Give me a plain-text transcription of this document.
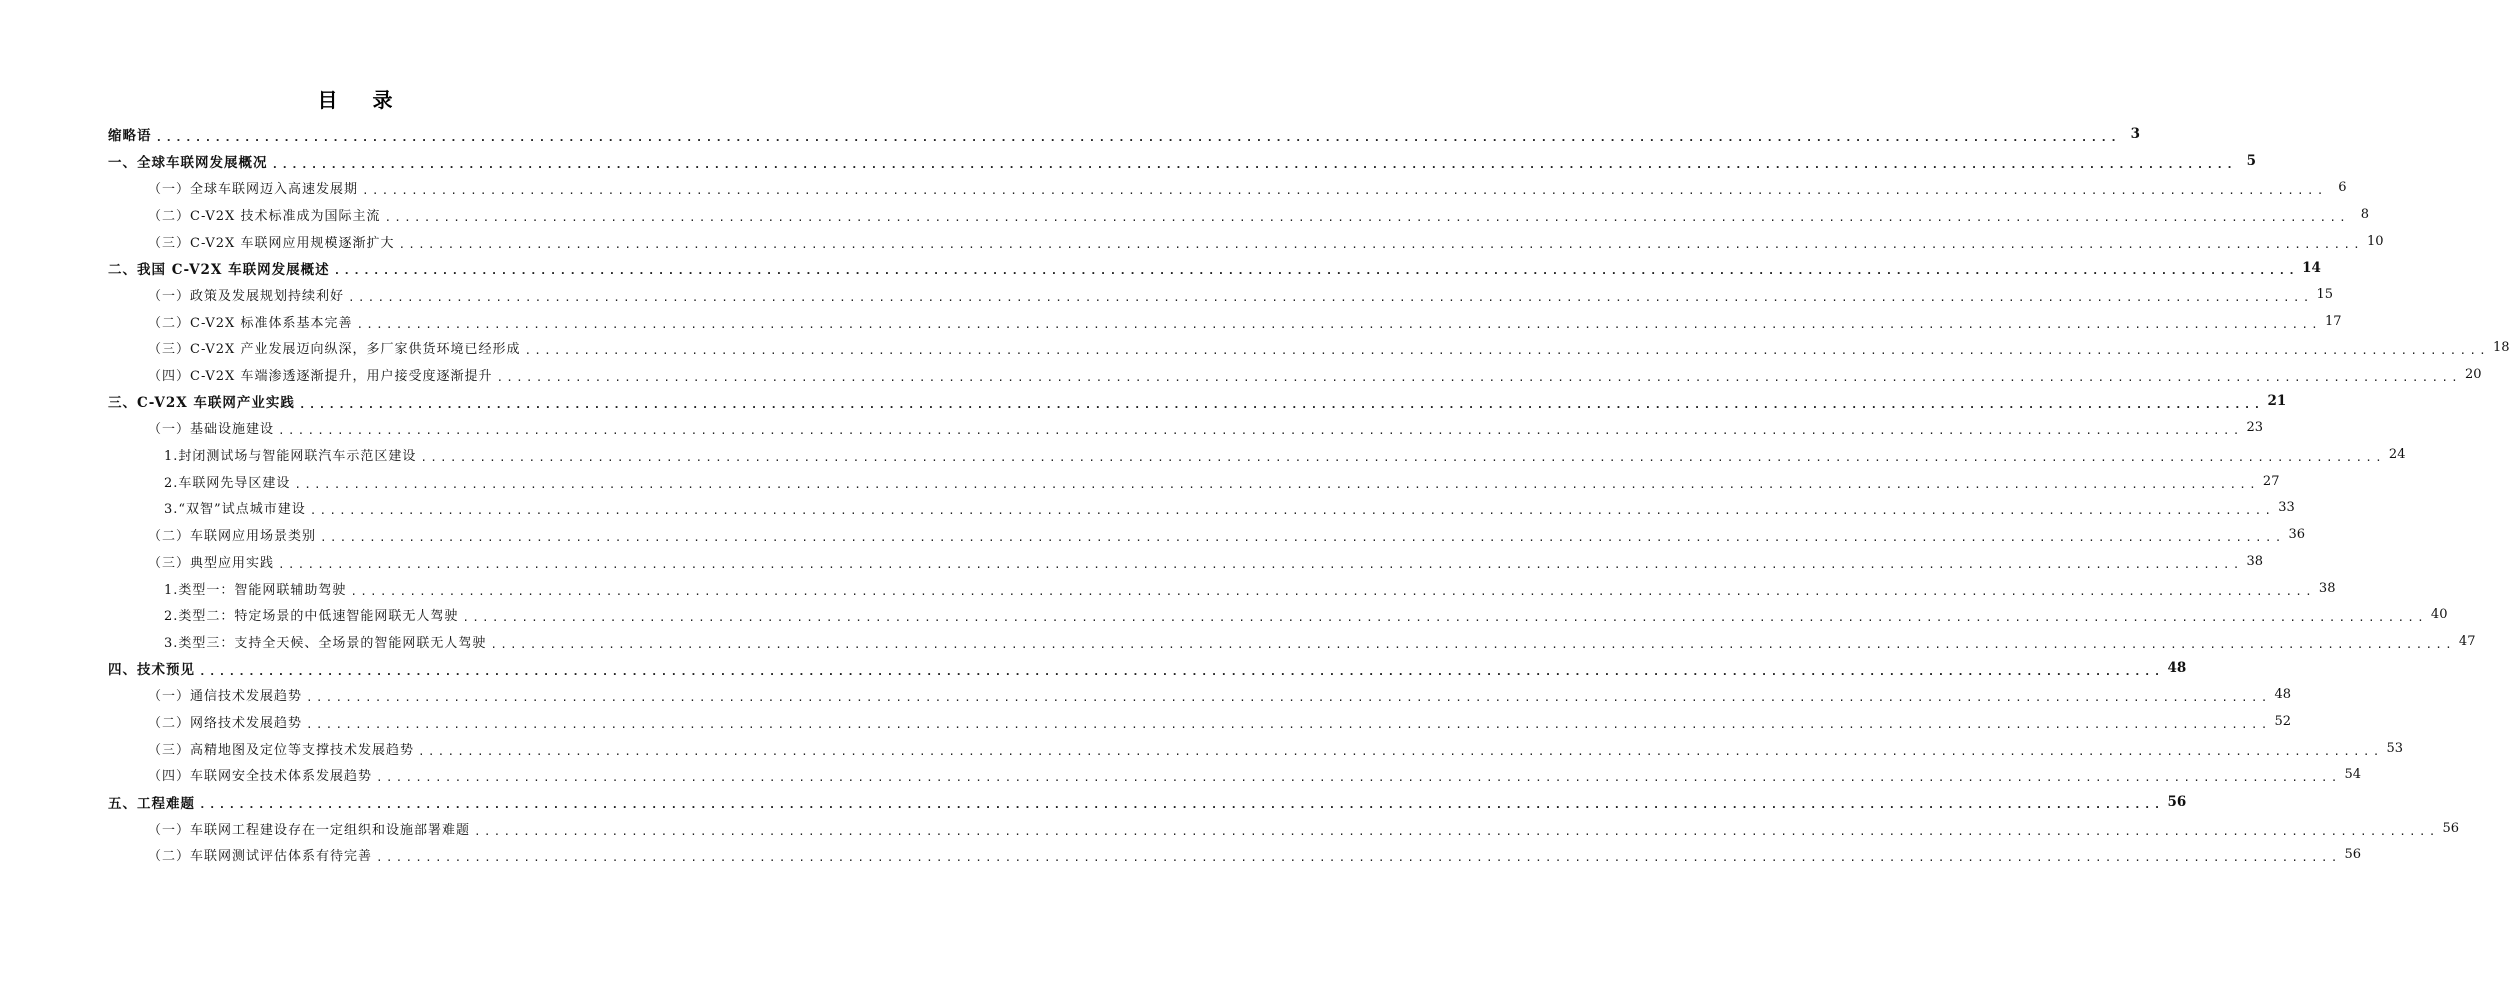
目 录
缩略语 ........................................................................................................................................................................................................ 3
一、全球车联网发展概况 ........................................................................................................................................................................................................ 5
（一）全球车联网迈入高速发展期 ........................................................................................................................................................................................................ 6
（二）C-V2X 技术标准成为国际主流 ........................................................................................................................................................................................................ 8
（三）C-V2X 车联网应用规模逐渐扩大 ........................................................................................................................................................................................................ 10
二、我国 C-V2X 车联网发展概述 ........................................................................................................................................................................................................ 14
（一）政策及发展规划持续利好 ........................................................................................................................................................................................................ 15
（二）C-V2X 标准体系基本完善 ........................................................................................................................................................................................................ 17
（三）C-V2X 产业发展迈向纵深，多厂家供货环境已经形成 ........................................................................................................................................................................................................ 18
（四）C-V2X 车端渗透逐渐提升，用户接受度逐渐提升 ........................................................................................................................................................................................................ 20
三、C-V2X 车联网产业实践 ........................................................................................................................................................................................................ 21
（一）基础设施建设 ........................................................................................................................................................................................................ 23
1.封闭测试场与智能网联汽车示范区建设 ........................................................................................................................................................................................................ 24
2.车联网先导区建设 ........................................................................................................................................................................................................ 27
3.“双智”试点城市建设 ........................................................................................................................................................................................................ 33
（二）车联网应用场景类别 ........................................................................................................................................................................................................ 36
（三）典型应用实践 ........................................................................................................................................................................................................ 38
1.类型一：智能网联辅助驾驶 ........................................................................................................................................................................................................ 38
2.类型二：特定场景的中低速智能网联无人驾驶 ........................................................................................................................................................................................................ 40
3.类型三：支持全天候、全场景的智能网联无人驾驶 ........................................................................................................................................................................................................ 47
四、技术预见 ........................................................................................................................................................................................................ 48
（一）通信技术发展趋势 ........................................................................................................................................................................................................ 48
（二）网络技术发展趋势 ........................................................................................................................................................................................................ 52
（三）高精地图及定位等支撑技术发展趋势 ........................................................................................................................................................................................................ 53
（四）车联网安全技术体系发展趋势 ........................................................................................................................................................................................................ 54
五、工程难题 ........................................................................................................................................................................................................ 56
（一）车联网工程建设存在一定组织和设施部署难题 ........................................................................................................................................................................................................ 56
（二）车联网测试评估体系有待完善 ........................................................................................................................................................................................................ 56
